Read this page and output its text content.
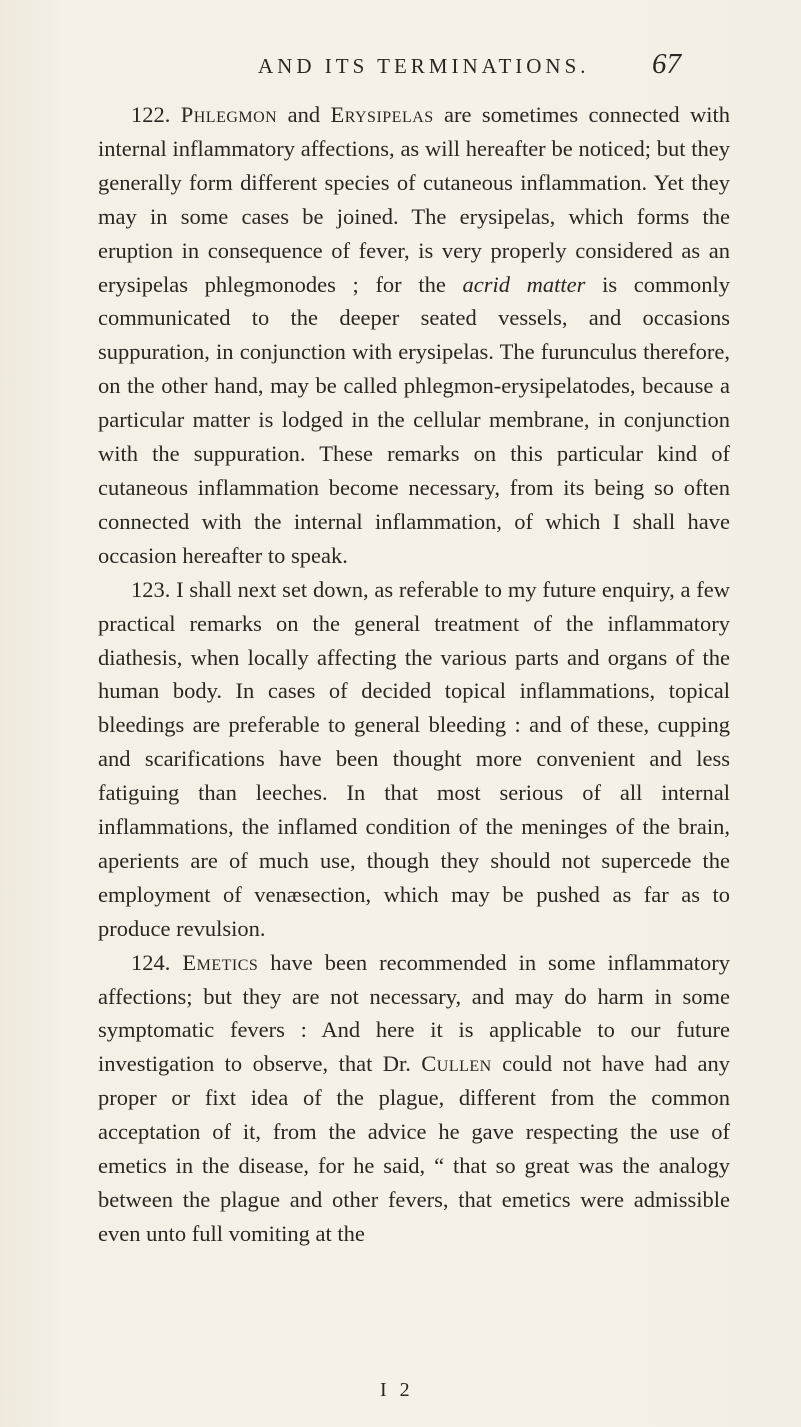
AND ITS TERMINATIONS. 67

122. Phlegmon and Erysipelas are sometimes connected with internal inflammatory affections, as will hereafter be noticed; but they generally form different species of cutaneous inflammation. Yet they may in some cases be joined. The erysipelas, which forms the eruption in consequence of fever, is very properly considered as an erysipelas phlegmonodes ; for the acrid matter is commonly communicated to the deeper seated vessels, and occasions suppuration, in conjunction with erysipelas. The furunculus therefore, on the other hand, may be called phlegmon-erysipelatodes, because a particular matter is lodged in the cellular membrane, in conjunction with the suppuration. These remarks on this particular kind of cutaneous inflammation become necessary, from its being so often connected with the internal inflammation, of which I shall have occasion hereafter to speak.

123. I shall next set down, as referable to my future enquiry, a few practical remarks on the general treatment of the inflammatory diathesis, when locally affecting the various parts and organs of the human body. In cases of decided topical inflammations, topical bleedings are preferable to general bleeding : and of these, cupping and scarifications have been thought more convenient and less fatiguing than leeches. In that most serious of all internal inflammations, the inflamed condition of the meninges of the brain, aperients are of much use, though they should not supercede the employment of venæsection, which may be pushed as far as to produce revulsion.

124. Emetics have been recommended in some inflammatory affections; but they are not necessary, and may do harm in some symptomatic fevers : And here it is applicable to our future investigation to observe, that Dr. Cullen could not have had any proper or fixt idea of the plague, different from the common acceptation of it, from the advice he gave respecting the use of emetics in the disease, for he said, “ that so great was the analogy between the plague and other fevers, that emetics were admissible even unto full vomiting at the

I 2
